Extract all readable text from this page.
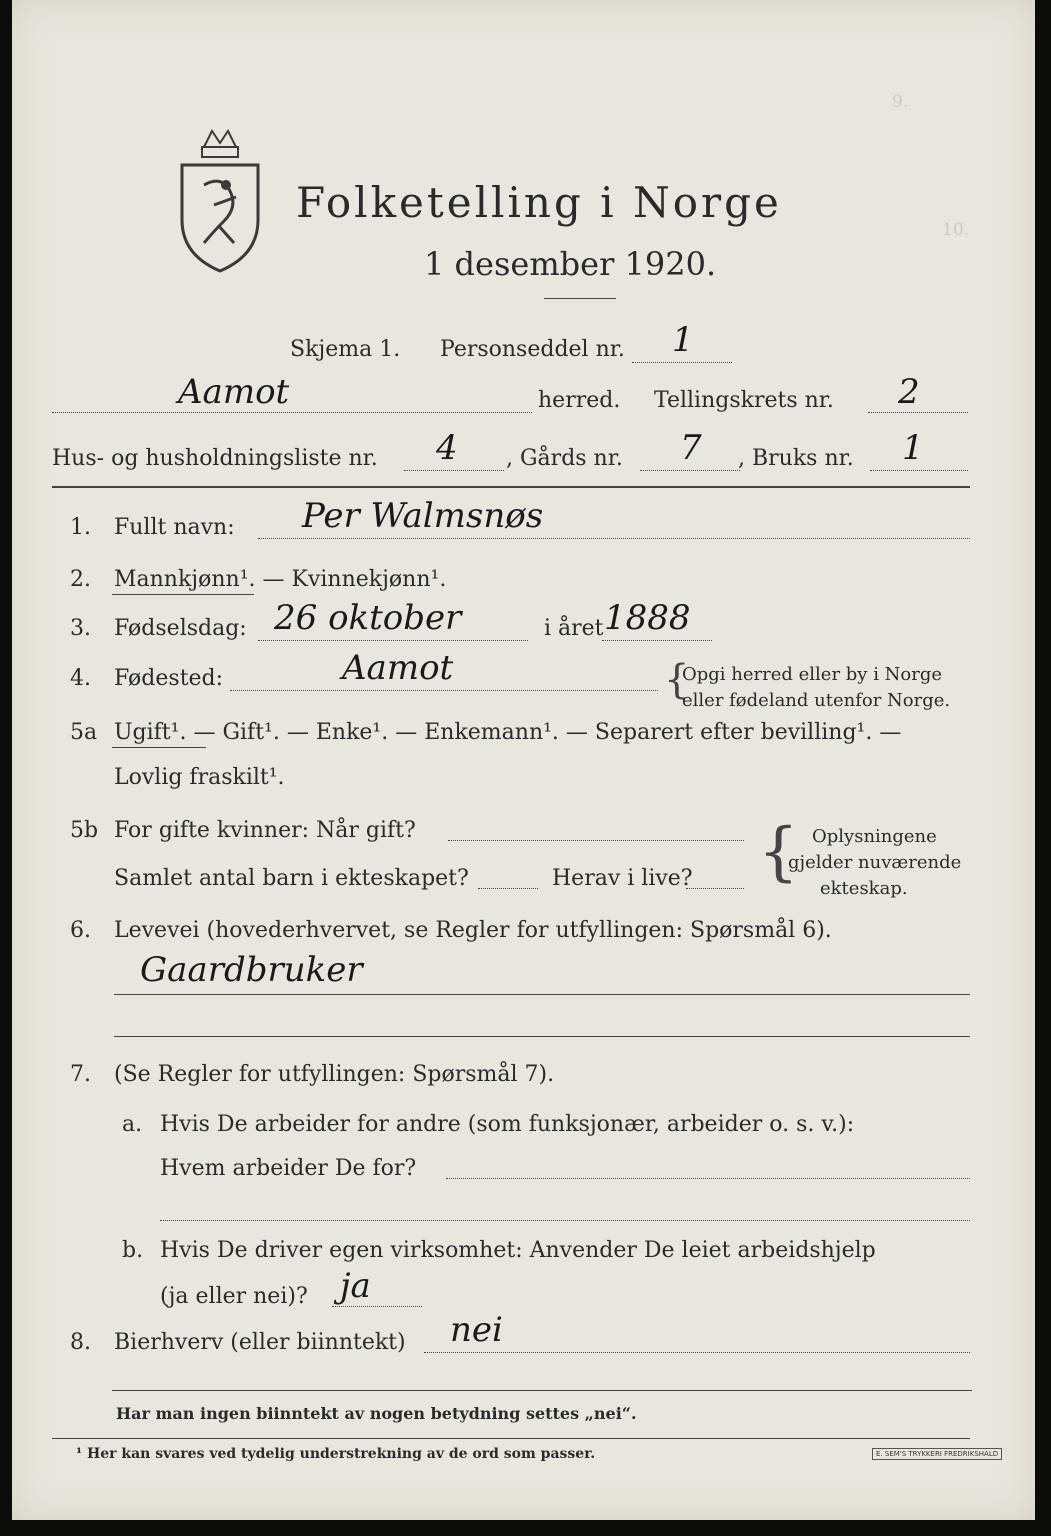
9.
10.
Folketelling i Norge
1 desember 1920.
Skjema 1. Personseddel nr. 1
Aamot	herred. Tellingskrets nr. 2
Hus- og husholdningsliste nr. 4 , Gårds nr. 7 , Bruks nr. 1
1. Fullt navn: Per Walmsnøs
2. Mannkjønn¹. — Kvinnekjønn¹.
3. Fødselsdag: 26 oktober	i året 1888
4. Fødested:	Aamot	{
Opgi herred eller by i Norge
eller fødeland utenfor Norge.
5a Ugift¹. — Gift¹. — Enke¹. — Enkemann¹. — Separert efter bevilling¹. —
Lovlig fraskilt¹.
5b For gifte kvinner: Når gift?
Samlet antal barn i ekteskapet?	Herav i live? { Oplysningene
gjelder nuværende
ekteskap.
6. Levevei (hovederhvervet, se Regler for utfyllingen: Spørsmål 6).
Gaardbruker
7. (Se Regler for utfyllingen: Spørsmål 7).
a. Hvis De arbeider for andre (som funksjonær, arbeider o. s. v.):
Hvem arbeider De for?
b. Hvis De driver egen virksomhet: Anvender De leiet arbeidshjelp
(ja eller nei)? ja
8. Bierhverv (eller biinntekt) nei
Har man ingen biinntekt av nogen betydning settes „nei“.
¹ Her kan svares ved tydelig understrekning av de ord som passer.	E. SEM'S TRYKKERI FREDRIKSHALD
